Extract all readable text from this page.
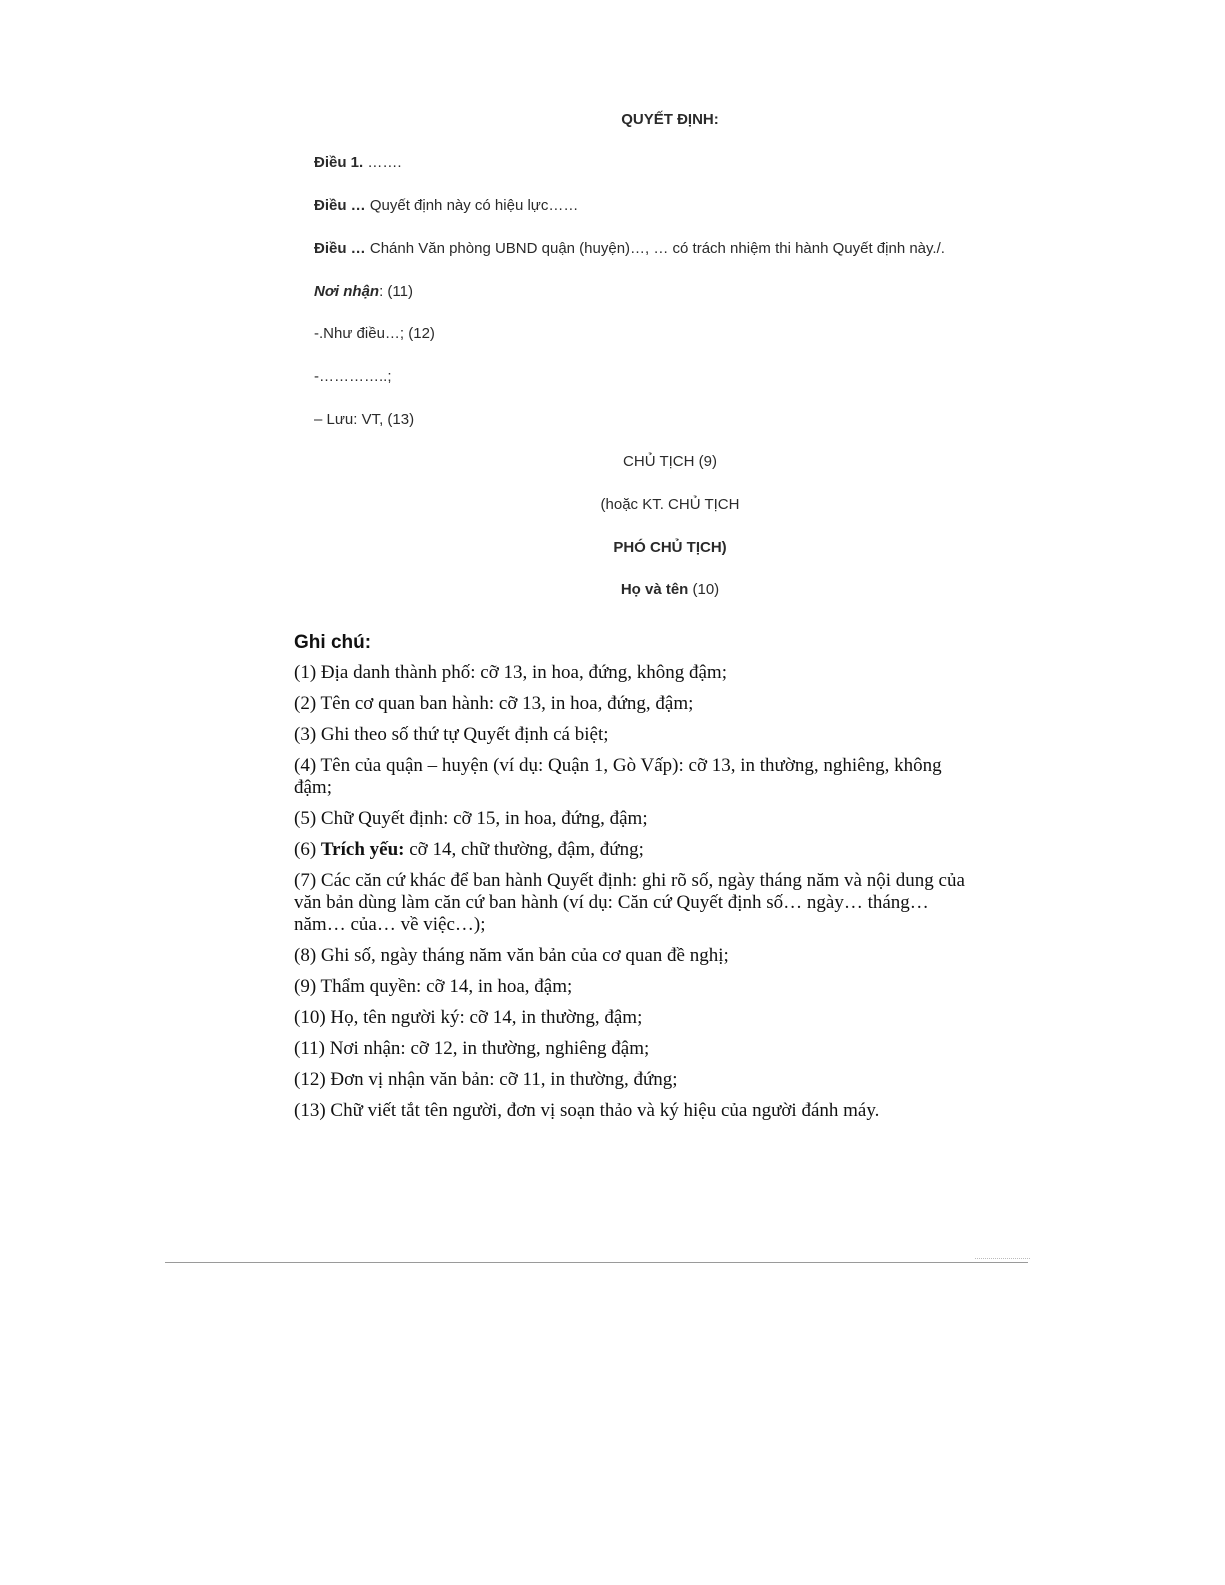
QUYẾT ĐỊNH:
Điều 1. …….
Điều … Quyết định này có hiệu lực……
Điều … Chánh Văn phòng UBND quận (huyện)…, … có trách nhiệm thi hành Quyết định này./.
Nơi nhận: (11)
-.Như điều…; (12)
-…………..;
– Lưu: VT, (13)
CHỦ TỊCH (9)
(hoặc KT. CHỦ TỊCH
PHÓ CHỦ TỊCH)
Họ và tên (10)
Ghi chú:
(1) Địa danh thành phố: cỡ 13, in hoa, đứng, không đậm;
(2) Tên cơ quan ban hành: cỡ 13, in hoa, đứng, đậm;
(3) Ghi theo số thứ tự Quyết định cá biệt;
(4) Tên của quận – huyện (ví dụ: Quận 1, Gò Vấp): cỡ 13, in thường, nghiêng, không đậm;
(5) Chữ Quyết định: cỡ 15, in hoa, đứng, đậm;
(6) Trích yếu: cỡ 14, chữ thường, đậm, đứng;
(7) Các căn cứ khác để ban hành Quyết định: ghi rõ số, ngày tháng năm và nội dung của văn bản dùng làm căn cứ ban hành (ví dụ: Căn cứ Quyết định số… ngày… tháng… năm… của… về việc…);
(8) Ghi số, ngày tháng năm văn bản của cơ quan đề nghị;
(9) Thẩm quyền: cỡ 14, in hoa, đậm;
(10) Họ, tên người ký: cỡ 14, in thường, đậm;
(11) Nơi nhận: cỡ 12, in thường, nghiêng đậm;
(12) Đơn vị nhận văn bản: cỡ 11, in thường, đứng;
(13) Chữ viết tắt tên người, đơn vị soạn thảo và ký hiệu của người đánh máy.
